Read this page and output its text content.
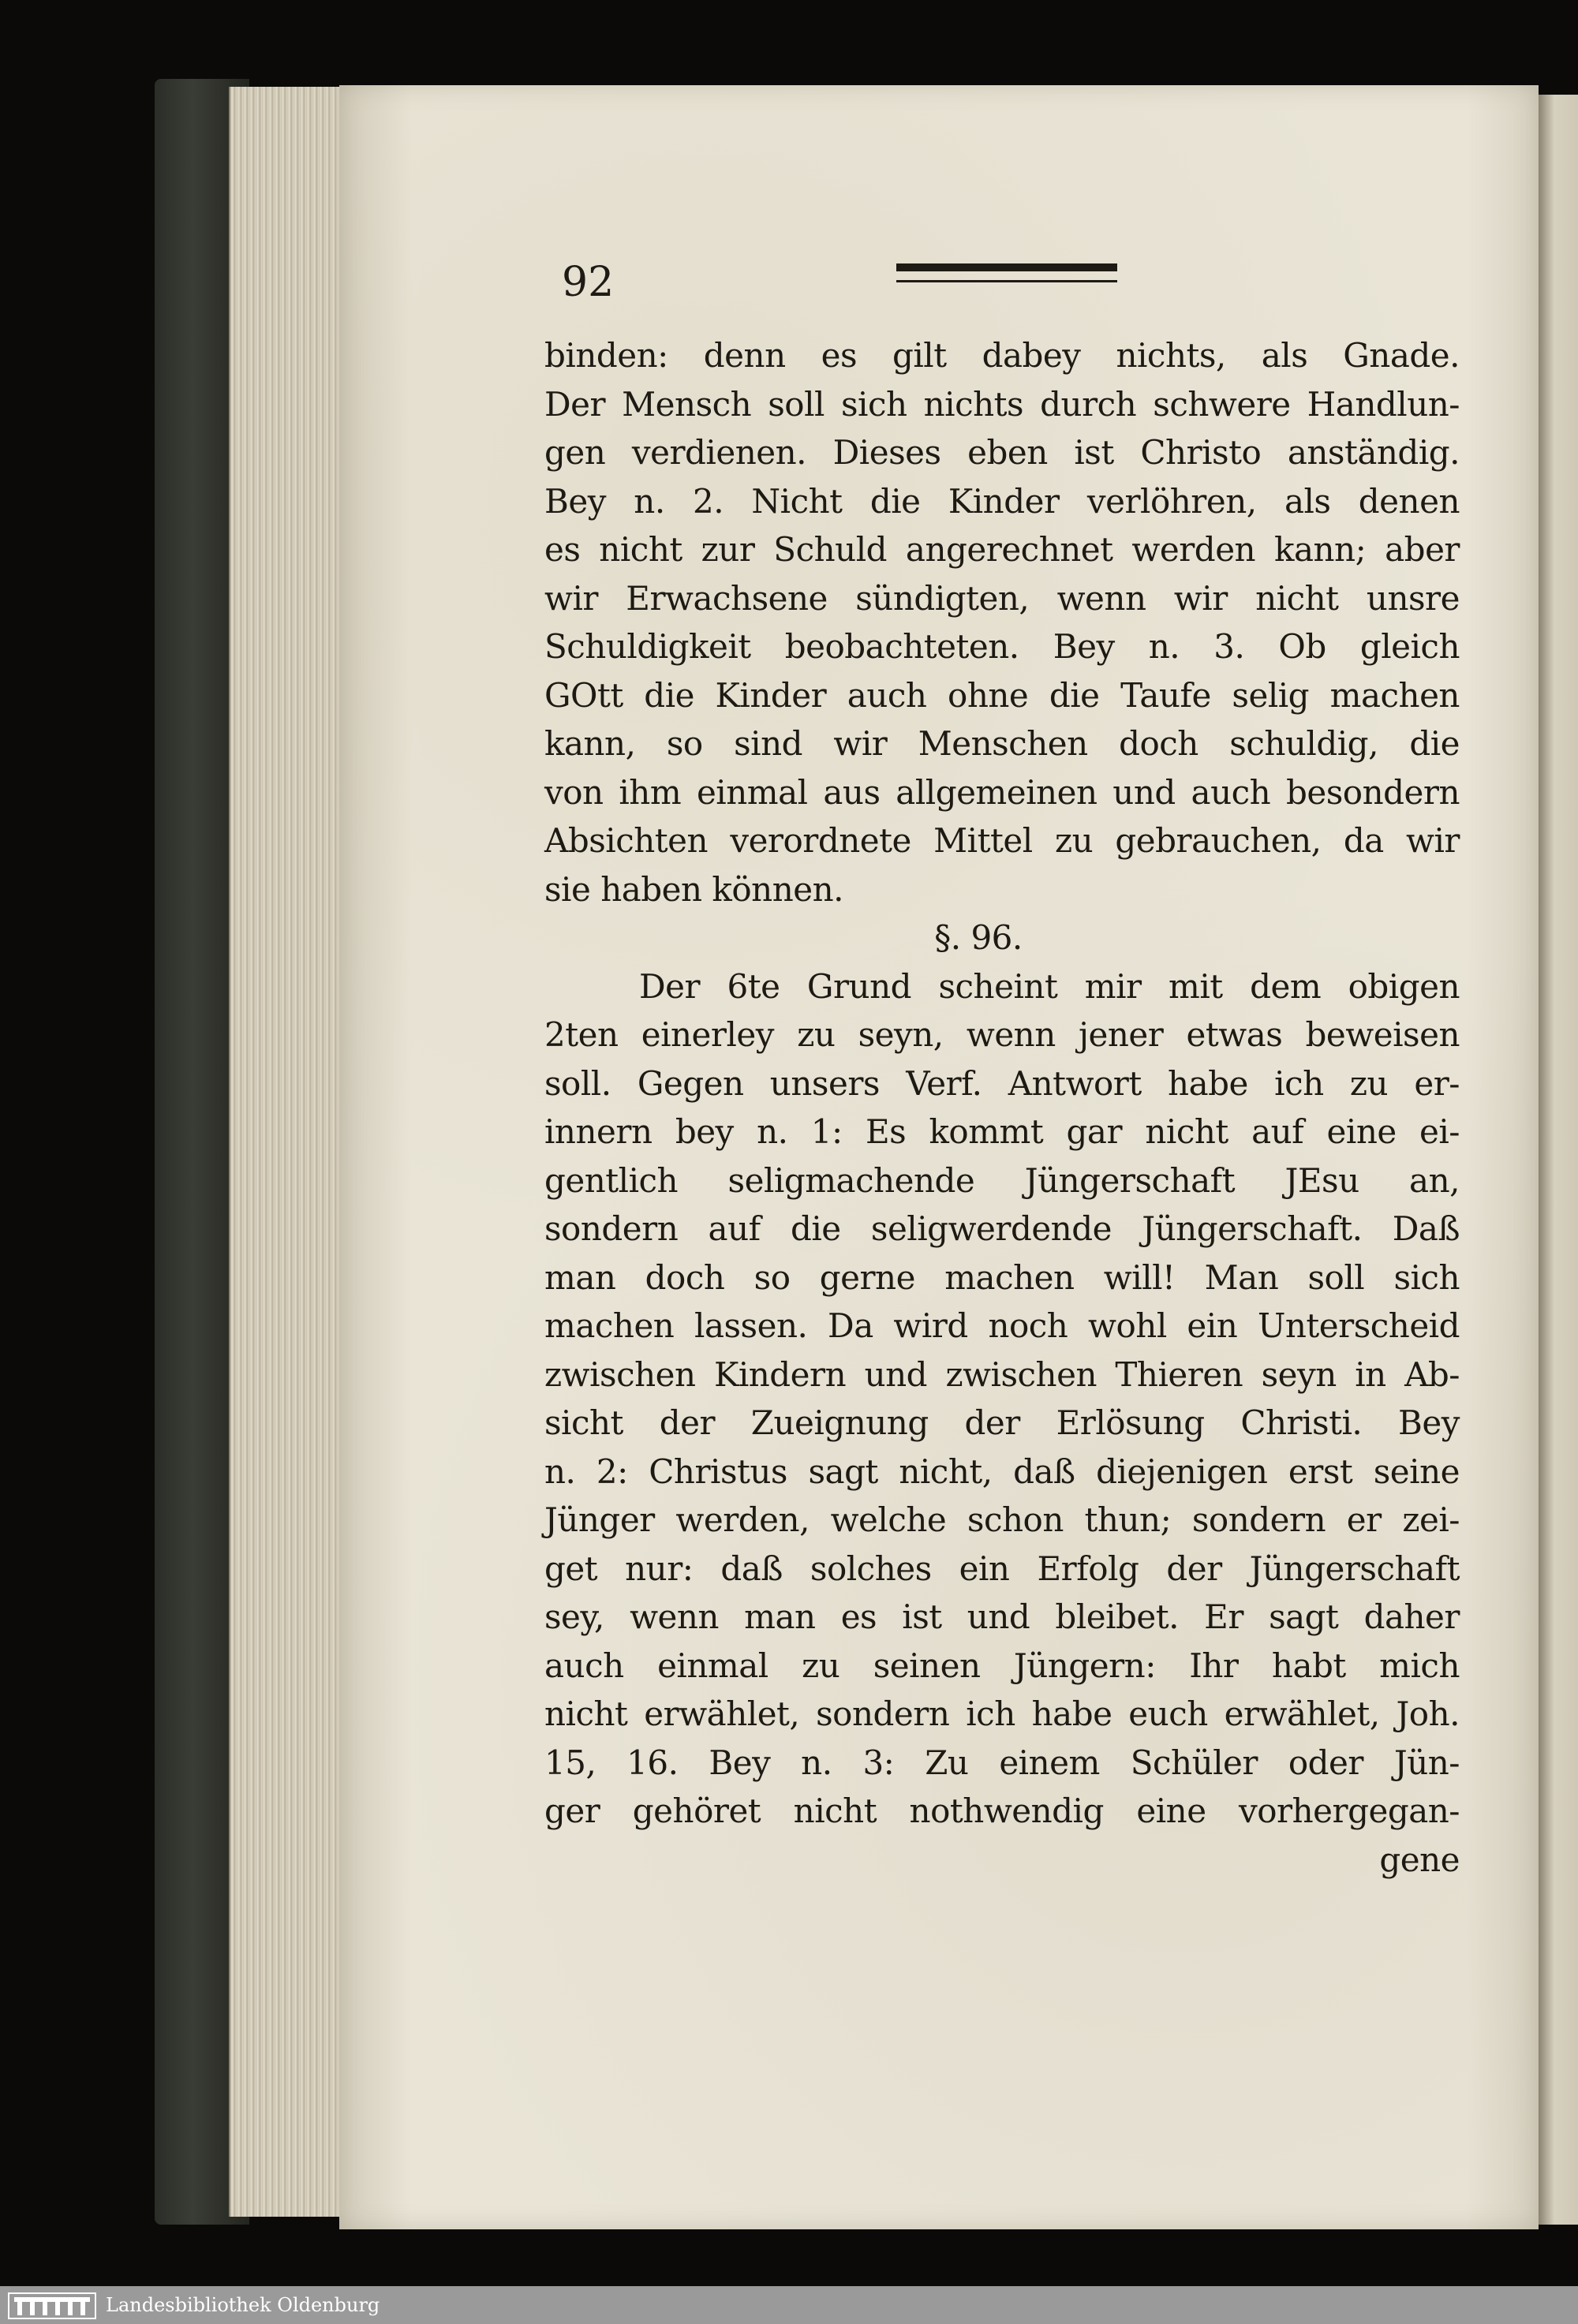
92
binden: denn es gilt dabey nichts, als Gnade.
Der Mensch soll sich nichts durch schwere Handlun-
gen verdienen. Dieses eben ist Christo anständig.
Bey n. 2. Nicht die Kinder verlöhren, als denen
es nicht zur Schuld angerechnet werden kann; aber
wir Erwachsene sündigten, wenn wir nicht unsre
Schuldigkeit beobachteten. Bey n. 3. Ob gleich
GOtt die Kinder auch ohne die Taufe selig machen
kann, so sind wir Menschen doch schuldig, die
von ihm einmal aus allgemeinen und auch besondern
Absichten verordnete Mittel zu gebrauchen, da wir
sie haben können.
§. 96.
Der 6te Grund scheint mir mit dem obigen
2ten einerley zu seyn, wenn jener etwas beweisen
soll. Gegen unsers Verf. Antwort habe ich zu er-
innern bey n. 1: Es kommt gar nicht auf eine ei-
gentlich seligmachende Jüngerschaft JEsu an,
sondern auf die seligwerdende Jüngerschaft. Daß
man doch so gerne machen will! Man soll sich
machen lassen. Da wird noch wohl ein Unterscheid
zwischen Kindern und zwischen Thieren seyn in Ab-
sicht der Zueignung der Erlösung Christi. Bey
n. 2: Christus sagt nicht, daß diejenigen erst seine
Jünger werden, welche schon thun; sondern er zei-
get nur: daß solches ein Erfolg der Jüngerschaft
sey, wenn man es ist und bleibet. Er sagt daher
auch einmal zu seinen Jüngern: Ihr habt mich
nicht erwählet, sondern ich habe euch erwählet, Joh.
15, 16. Bey n. 3: Zu einem Schüler oder Jün-
ger gehöret nicht nothwendig eine vorhergegan-
gene
Landesbibliothek Oldenburg
